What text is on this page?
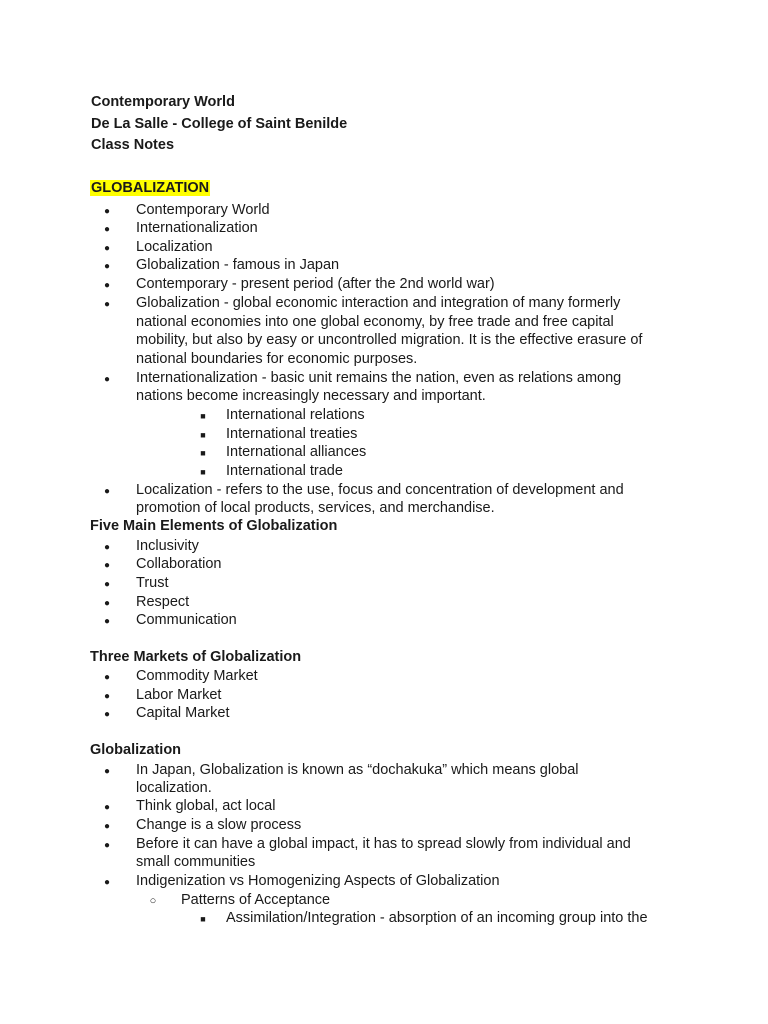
Contemporary World
De La Salle - College of Saint Benilde
Class Notes
GLOBALIZATION
●
Contemporary World
●
Internationalization
●
Localization
●
Globalization - famous in Japan
●
Contemporary - present period (after the 2nd world war)
●
Globalization - global economic interaction and integration of many formerly
national economies into one global economy, by free trade and free capital
mobility, but also by easy or uncontrolled migration. It is the effective erasure of
national boundaries for economic purposes.
●
Internationalization - basic unit remains the nation, even as relations among
nations become increasingly necessary and important.
■
International relations
■
International treaties
■
International alliances
■
International trade
●
Localization - refers to the use, focus and concentration of development and
promotion of local products, services, and merchandise.
Five Main Elements of Globalization
●
Inclusivity
●
Collaboration
●
Trust
●
Respect
●
Communication
Three Markets of Globalization
●
Commodity Market
●
Labor Market
●
Capital Market
Globalization
●
In Japan, Globalization is known as “dochakuka” which means global
localization.
●
Think global, act local
●
Change is a slow process
●
Before it can have a global impact, it has to spread slowly from individual and
small communities
●
Indigenization vs Homogenizing Aspects of Globalization
○
Patterns of Acceptance
■
Assimilation/Integration - absorption of an incoming group into the
